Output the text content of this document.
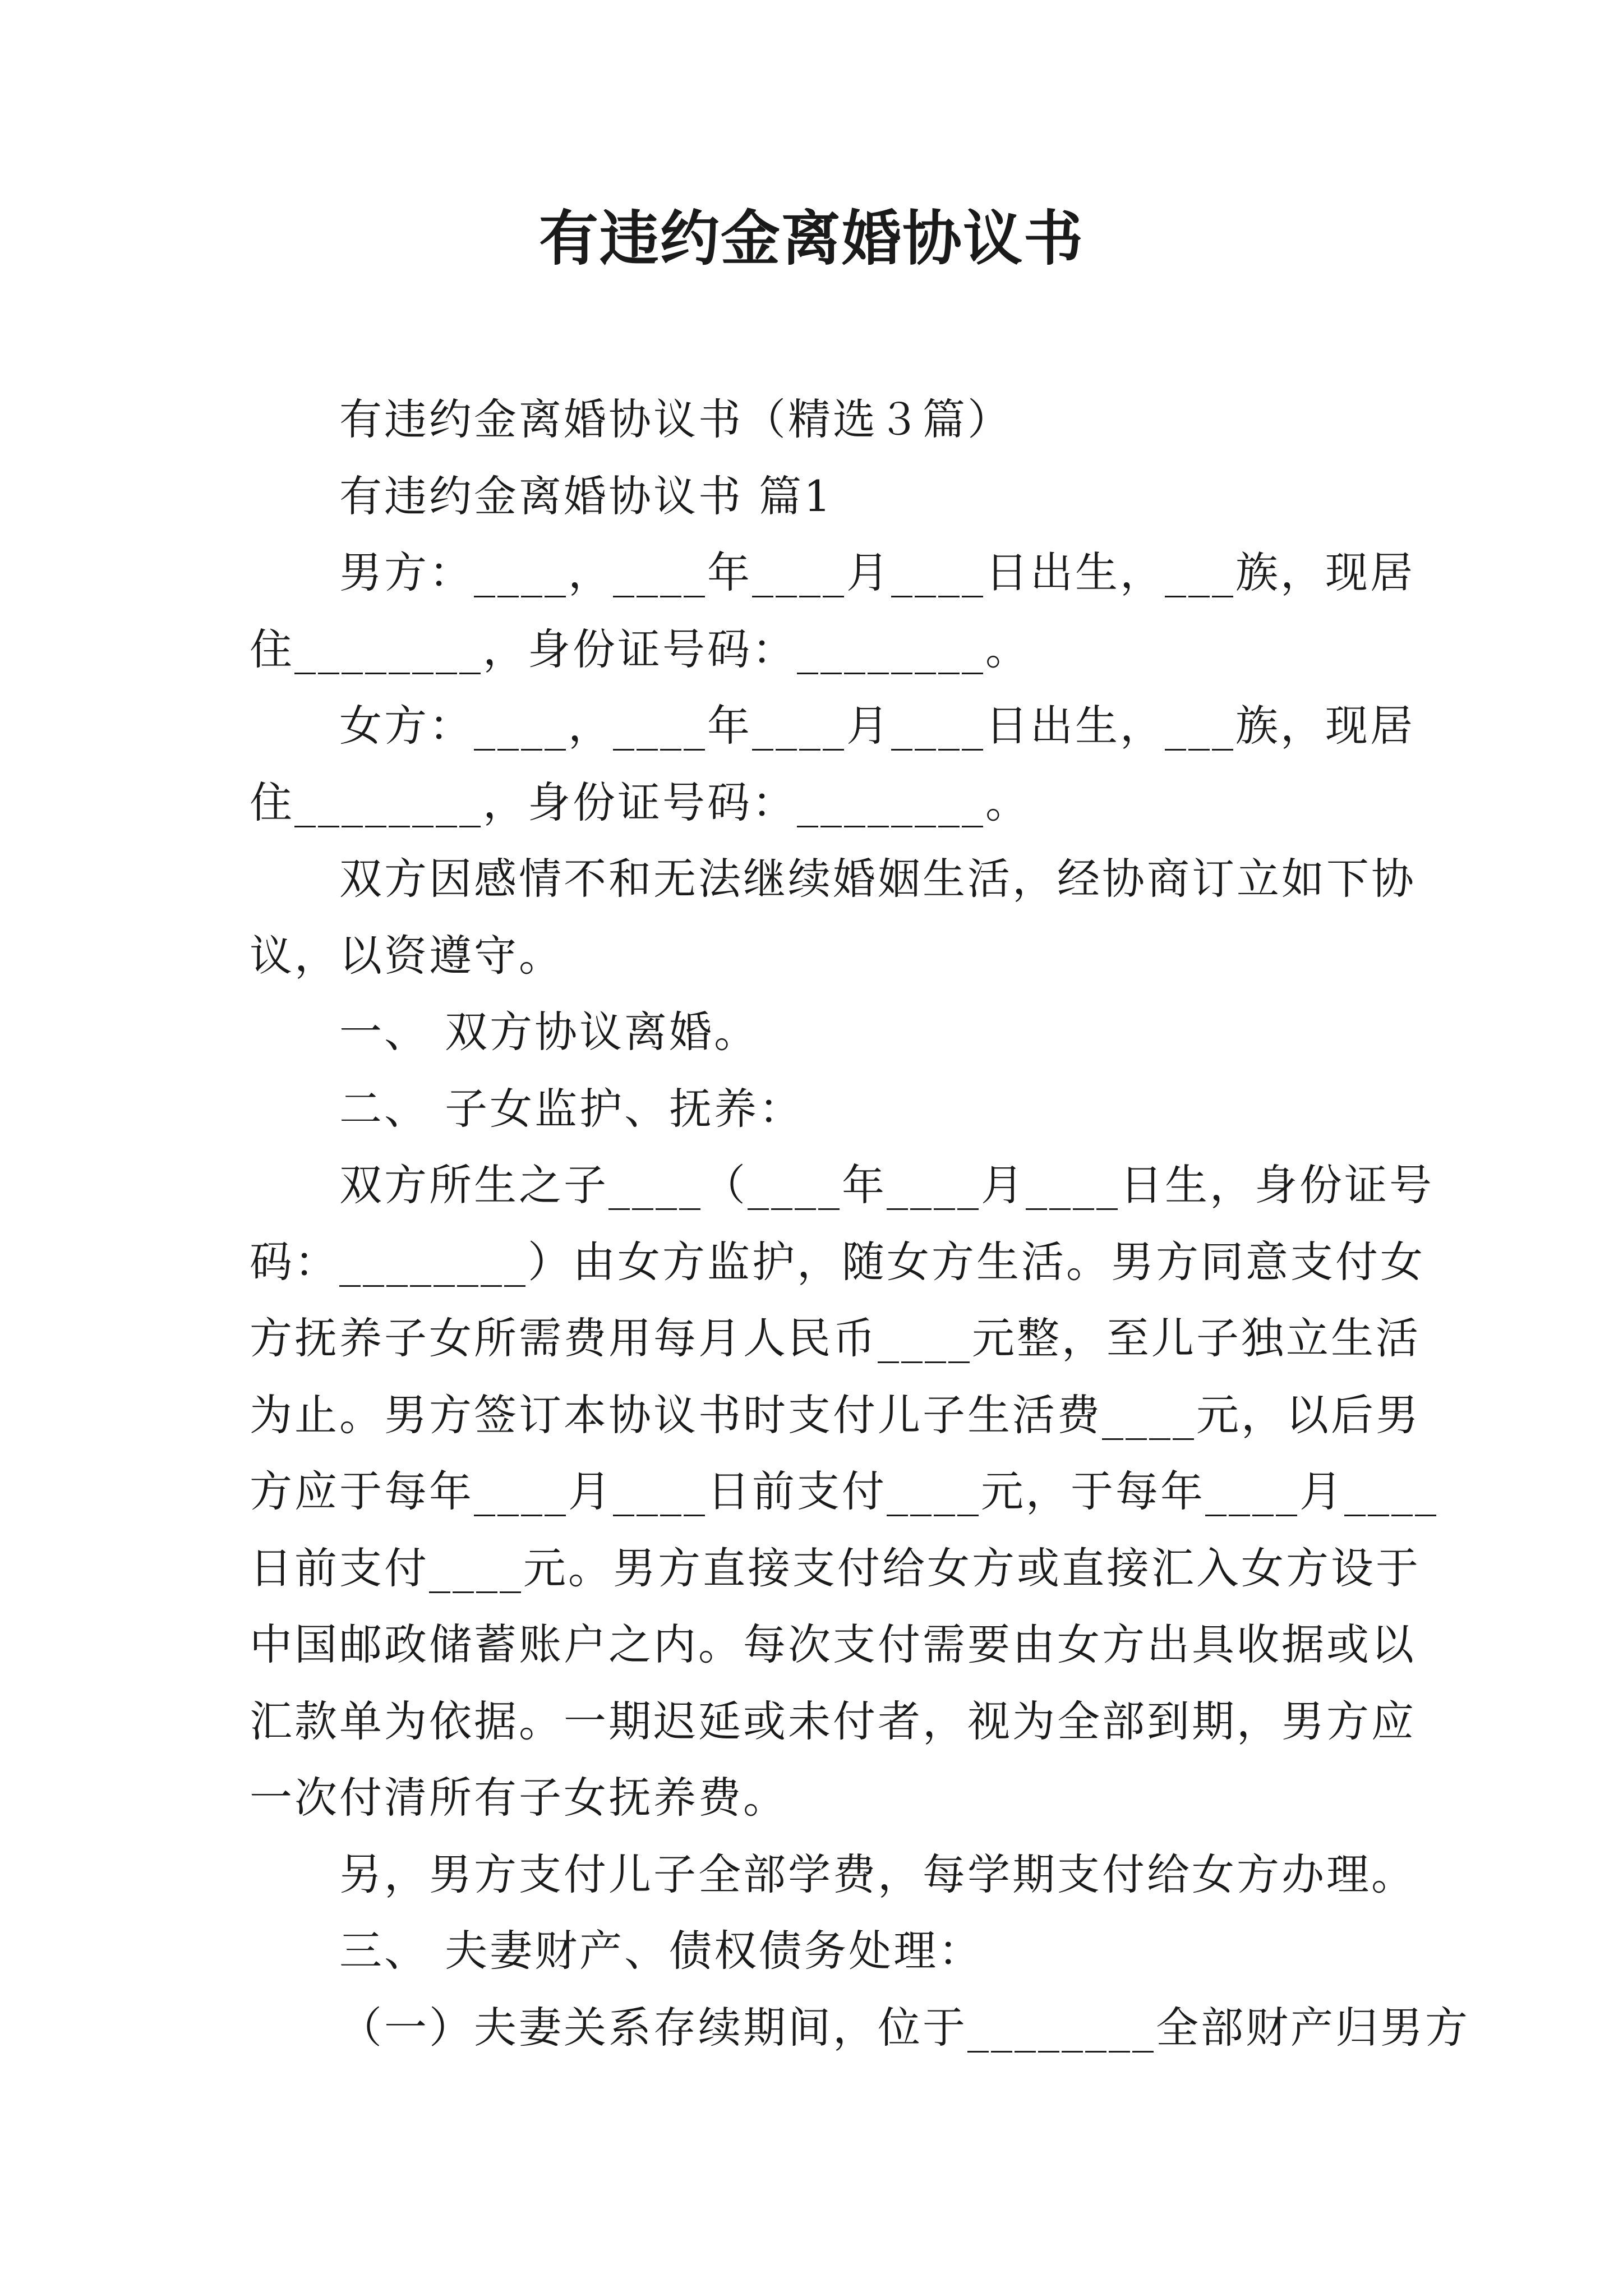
有违约金离婚协议书
有违约金离婚协议书（精选３篇）
有违约金离婚协议书 篇1
男方：____，____年____月____日出生，___族，现居
住________，身份证号码：________。
女方：____，____年____月____日出生，___族，现居
住________，身份证号码：________。
双方因感情不和无法继续婚姻生活，经协商订立如下协
议，以资遵守。
一、 双方协议离婚。
二、 子女监护、抚养：
双方所生之子____（____年____月____日生，身份证号
码：________）由女方监护，随女方生活。男方同意支付女
方抚养子女所需费用每月人民币____元整，至儿子独立生活
为止。男方签订本协议书时支付儿子生活费____元，以后男
方应于每年____月____日前支付____元，于每年____月____
日前支付____元。男方直接支付给女方或直接汇入女方设于
中国邮政储蓄账户之内。每次支付需要由女方出具收据或以
汇款单为依据。一期迟延或未付者，视为全部到期，男方应
一次付清所有子女抚养费。
另，男方支付儿子全部学费，每学期支付给女方办理。
三、 夫妻财产、债权债务处理：
（一）夫妻关系存续期间，位于________全部财产归男方
